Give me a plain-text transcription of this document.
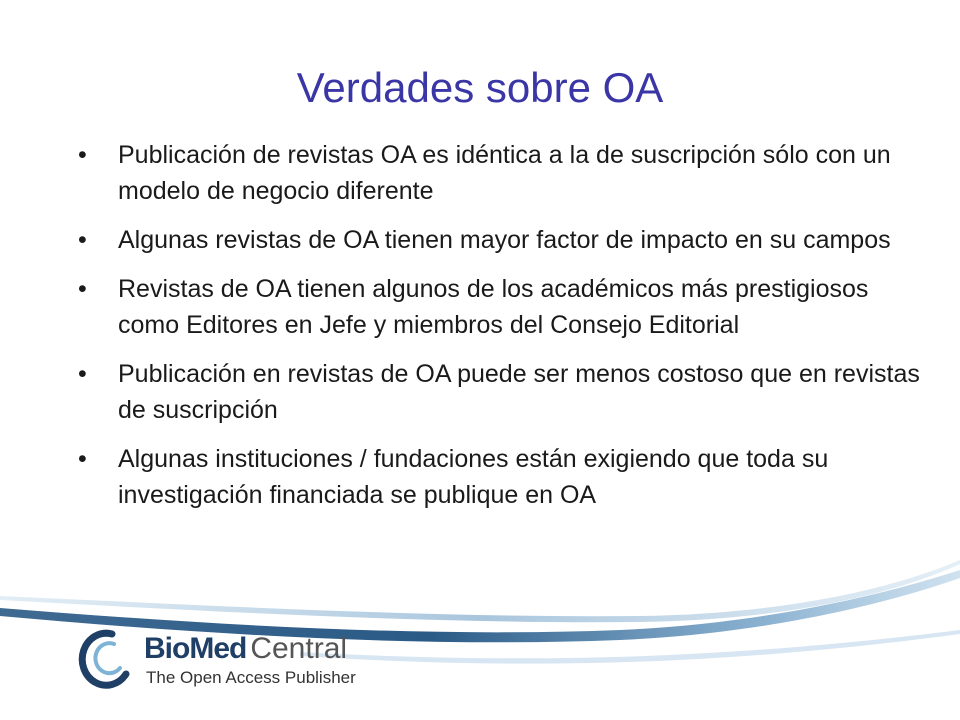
Verdades sobre OA
• Publicación de revistas OA es idéntica a la de suscripción sólo con un modelo de negocio diferente
• Algunas revistas de OA tienen mayor factor de impacto en su campos
• Revistas de OA tienen algunos de los académicos más prestigiosos como Editores en Jefe y miembros del Consejo Editorial
• Publicación en revistas de OA puede ser menos costoso que en revistas de suscripción
• Algunas instituciones / fundaciones están exigiendo que toda su investigación financiada se publique en OA
BioMed Central
The Open Access Publisher
